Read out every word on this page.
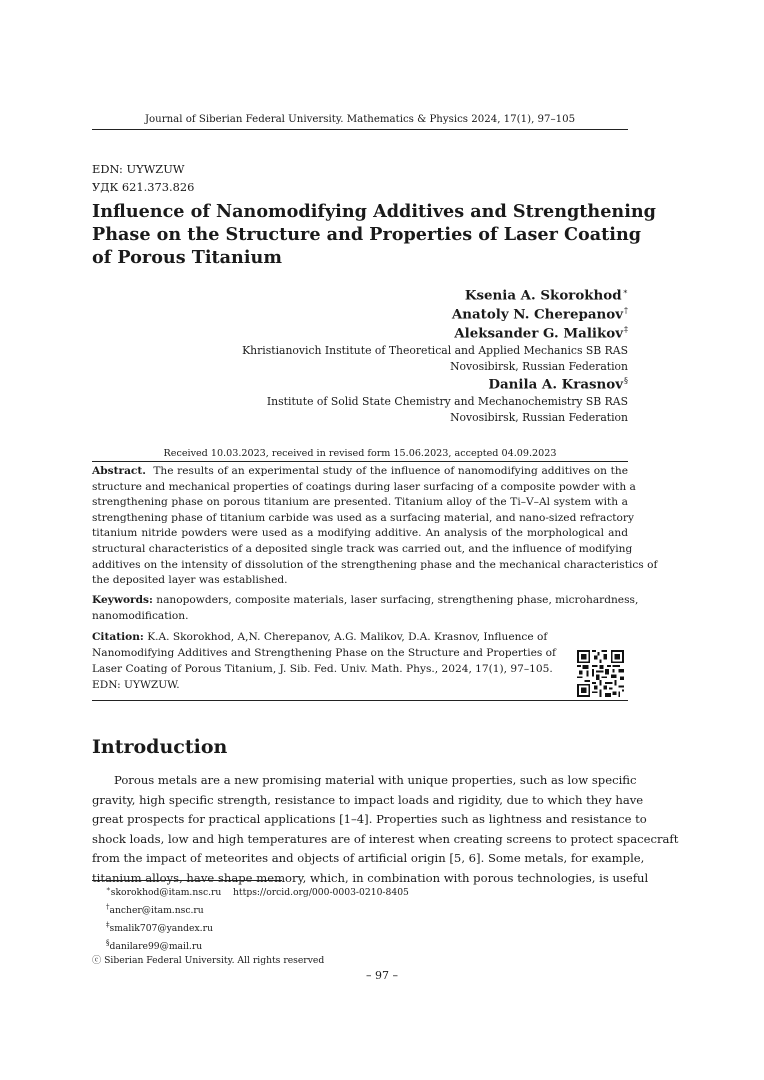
Journal of Siberian Federal University. Mathematics & Physics 2024, 17(1), 97–105
EDN: UYWZUW
УДК 621.373.826
Influence of Nanomodifying Additives and Strengthening
Phase on the Structure and Properties of Laser Coating
of Porous Titanium
Ksenia A. Skorokhod∗
Anatoly N. Cherepanov†
Aleksander G. Malikov‡
Khristianovich Institute of Theoretical and Applied Mechanics SB RAS
Novosibirsk, Russian Federation
Danila A. Krasnov§
Institute of Solid State Chemistry and Mechanochemistry SB RAS
Novosibirsk, Russian Federation
Received 10.03.2023, received in revised form 15.06.2023, accepted 04.09.2023
Abstract. The results of an experimental study of the influence of nanomodifying additives on the
structure and mechanical properties of coatings during laser surfacing of a composite powder with a
strengthening phase on porous titanium are presented. Titanium alloy of the Ti–V–Al system with a
strengthening phase of titanium carbide was used as a surfacing material, and nano-sized refractory
titanium nitride powders were used as a modifying additive. An analysis of the morphological and
structural characteristics of a deposited single track was carried out, and the influence of modifying
additives on the intensity of dissolution of the strengthening phase and the mechanical characteristics of
the deposited layer was established.
Keywords: nanopowders, composite materials, laser surfacing, strengthening phase, microhardness,
nanomodification.
Citation: K.A. Skorokhod, A,N. Cherepanov, A.G. Malikov, D.A. Krasnov, Influence of
Nanomodifying Additives and Strengthening Phase on the Structure and Properties of
Laser Coating of Porous Titanium, J. Sib. Fed. Univ. Math. Phys., 2024, 17(1), 97–105.
EDN: UYWZUW.
Introduction
Porous metals are a new promising material with unique properties, such as low specific
gravity, high specific strength, resistance to impact loads and rigidity, due to which they have
great prospects for practical applications [1–4]. Properties such as lightness and resistance to
shock loads, low and high temperatures are of interest when creating screens to protect spacecraft
from the impact of meteorites and objects of artificial origin [5, 6]. Some metals, for example,
titanium alloys, have shape memory, which, in combination with porous technologies, is useful
∗skorokhod@itam.nsc.ru    https://orcid.org/000-0003-0210-8405
†ancher@itam.nsc.ru
‡smalik707@yandex.ru
§danilare99@mail.ru
ⓒ Siberian Federal University. All rights reserved
– 97 –
